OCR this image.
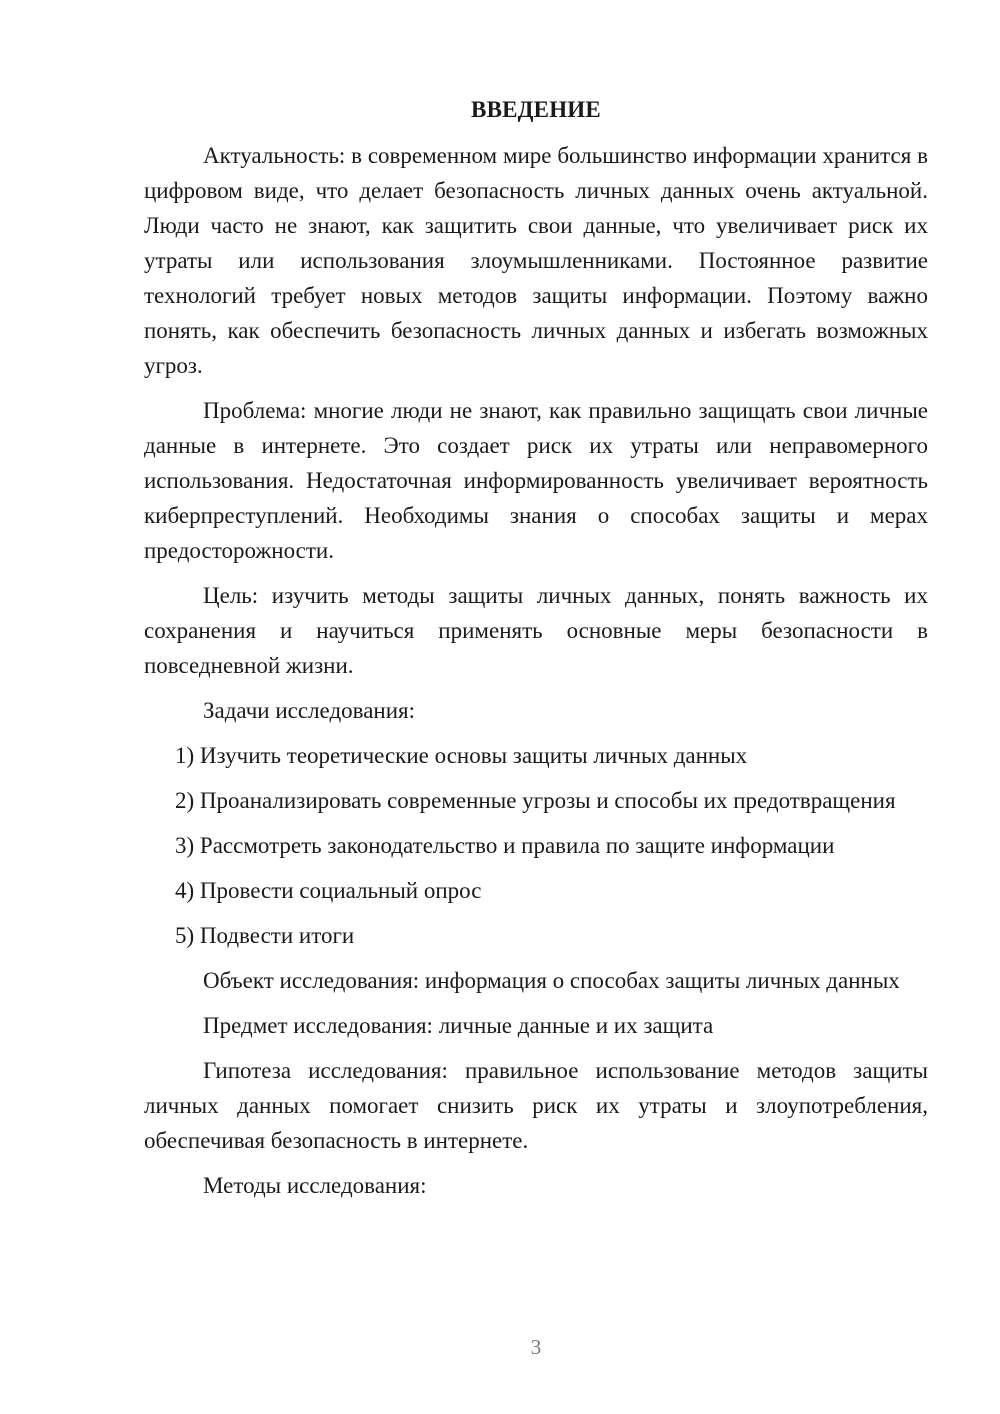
ВВЕДЕНИЕ

Актуальность: в современном мире большинство информации хранится в цифровом виде, что делает безопасность личных данных очень актуальной. Люди часто не знают, как защитить свои данные, что увеличивает риск их утраты или использования злоумышленниками. Постоянное развитие технологий требует новых методов защиты информации. Поэтому важно понять, как обеспечить безопасность личных данных и избегать возможных угроз.

Проблема: многие люди не знают, как правильно защищать свои личные данные в интернете. Это создает риск их утраты или неправомерного использования. Недостаточная информированность увеличивает вероятность киберпреступлений. Необходимы знания о способах защиты и мерах предосторожности.

Цель: изучить методы защиты личных данных, понять важность их сохранения и научиться применять основные меры безопасности в повседневной жизни.

Задачи исследования:

1) Изучить теоретические основы защиты личных данных

2) Проанализировать современные угрозы и способы их предотвращения

3) Рассмотреть законодательство и правила по защите информации

4) Провести социальный опрос

5) Подвести итоги

Объект исследования: информация о способах защиты личных данных

Предмет исследования: личные данные и их защита

Гипотеза исследования: правильное использование методов защиты личных данных помогает снизить риск их утраты и злоупотребления, обеспечивая безопасность в интернете.

Методы исследования:

3
